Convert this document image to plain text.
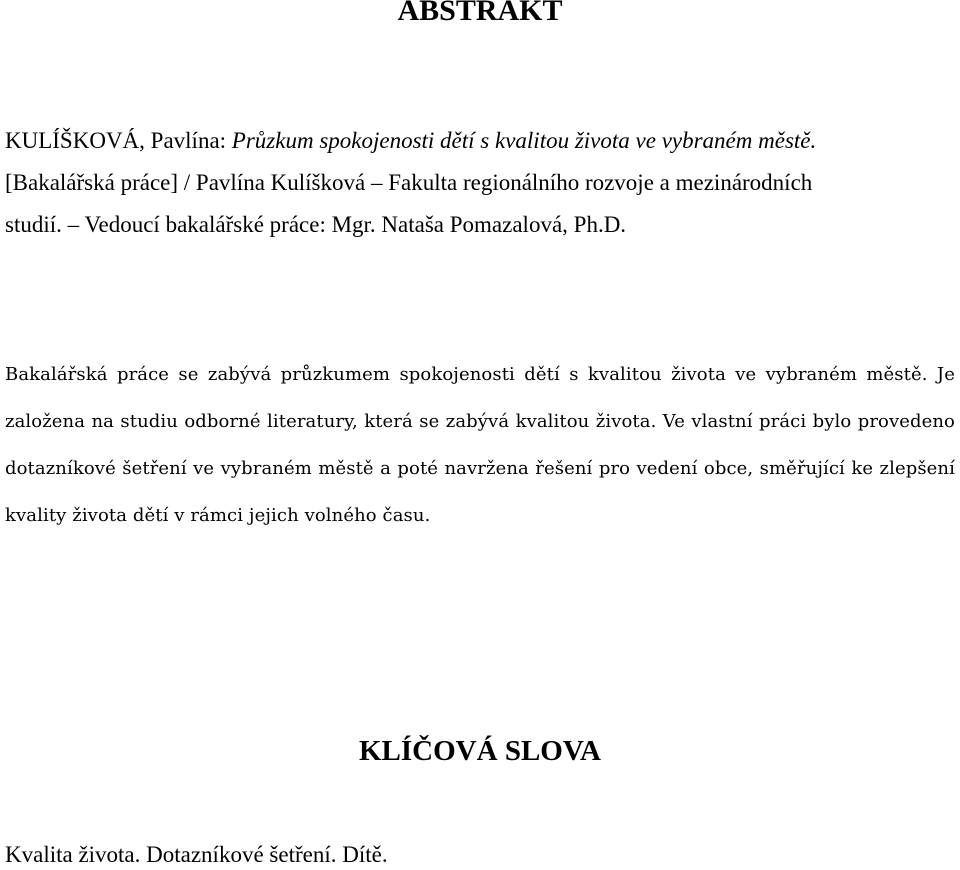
ABSTRAKT

KULÍŠKOVÁ, Pavlína: Průzkum spokojenosti dětí s kvalitou života ve vybraném městě.
[Bakalářská práce] / Pavlína Kulíšková – Fakulta regionálního rozvoje a mezinárodních
studií. – Vedoucí bakalářské práce: Mgr. Nataša Pomazalová, Ph.D.

Bakalářská práce se zabývá průzkumem spokojenosti dětí s kvalitou života ve vybraném městě. Je založena na studiu odborné literatury, která se zabývá kvalitou života. Ve vlastní práci bylo provedeno dotazníkové šetření ve vybraném městě a poté navržena řešení pro vedení obce, směřující ke zlepšení kvality života dětí v rámci jejich volného času.

KLÍČOVÁ SLOVA

Kvalita života. Dotazníkové šetření. Dítě.
